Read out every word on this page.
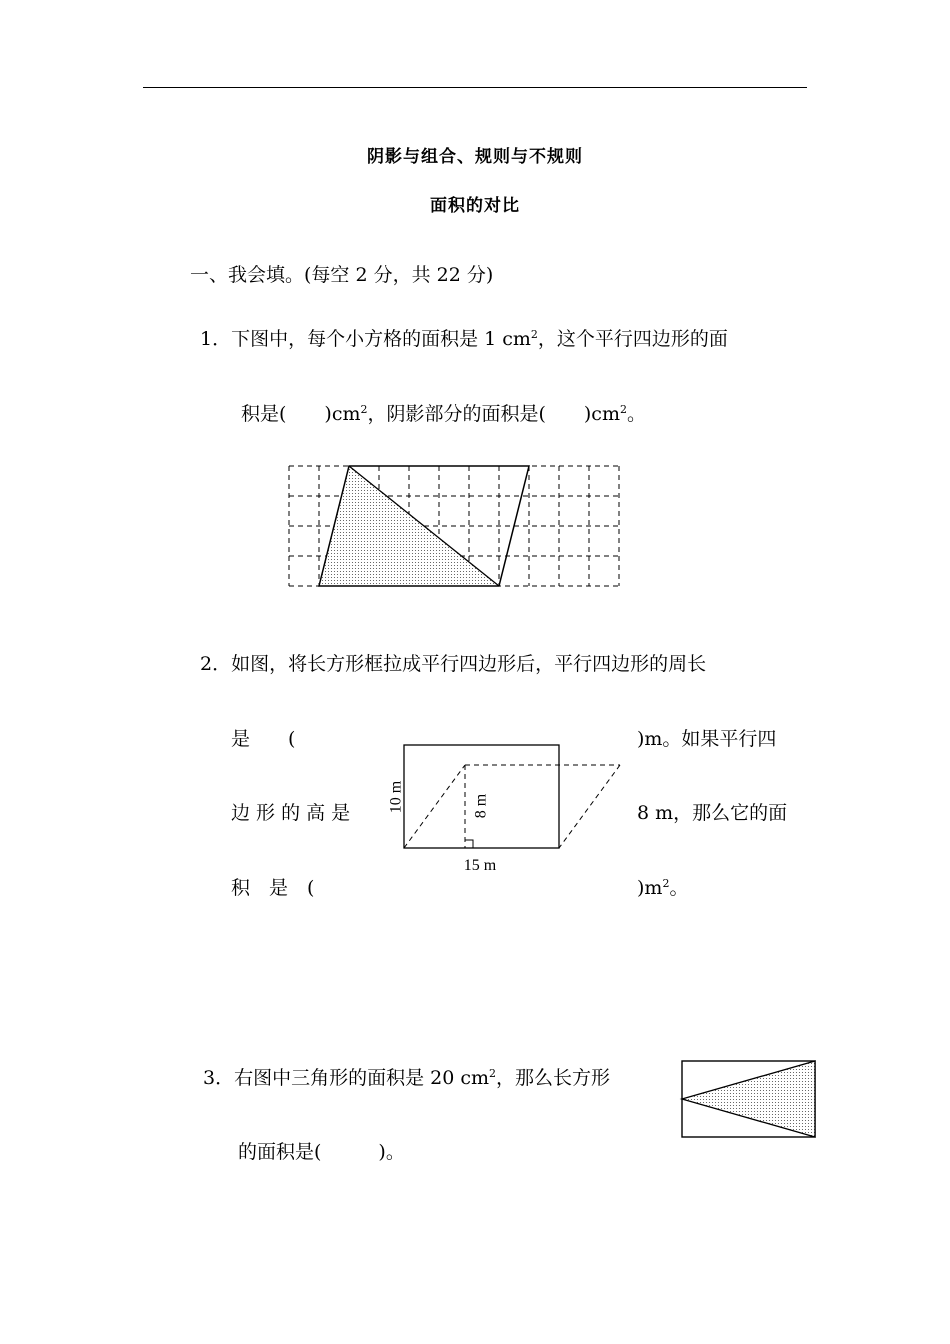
阴影与组合、规则与不规则
面积的对比
一、我会填。(每空 2 分，共 22 分)
1．下图中，每个小方格的面积是 1 $cm^2$，这个平行四边形的面
积是(　　)$cm^2$，阴影部分的面积是(　　)$cm^2$。
2．如图，将长方形框拉成平行四边形后，平行四边形的周长
是　　(	)m。如果平行四
边 形 的 高 是	8 m，那么它的面
积　是　(	)$m^2$。
10 m	8 m
15 m
3．右图中三角形的面积是 20 $cm^2$，那么长方形
的面积是(　　　)。
